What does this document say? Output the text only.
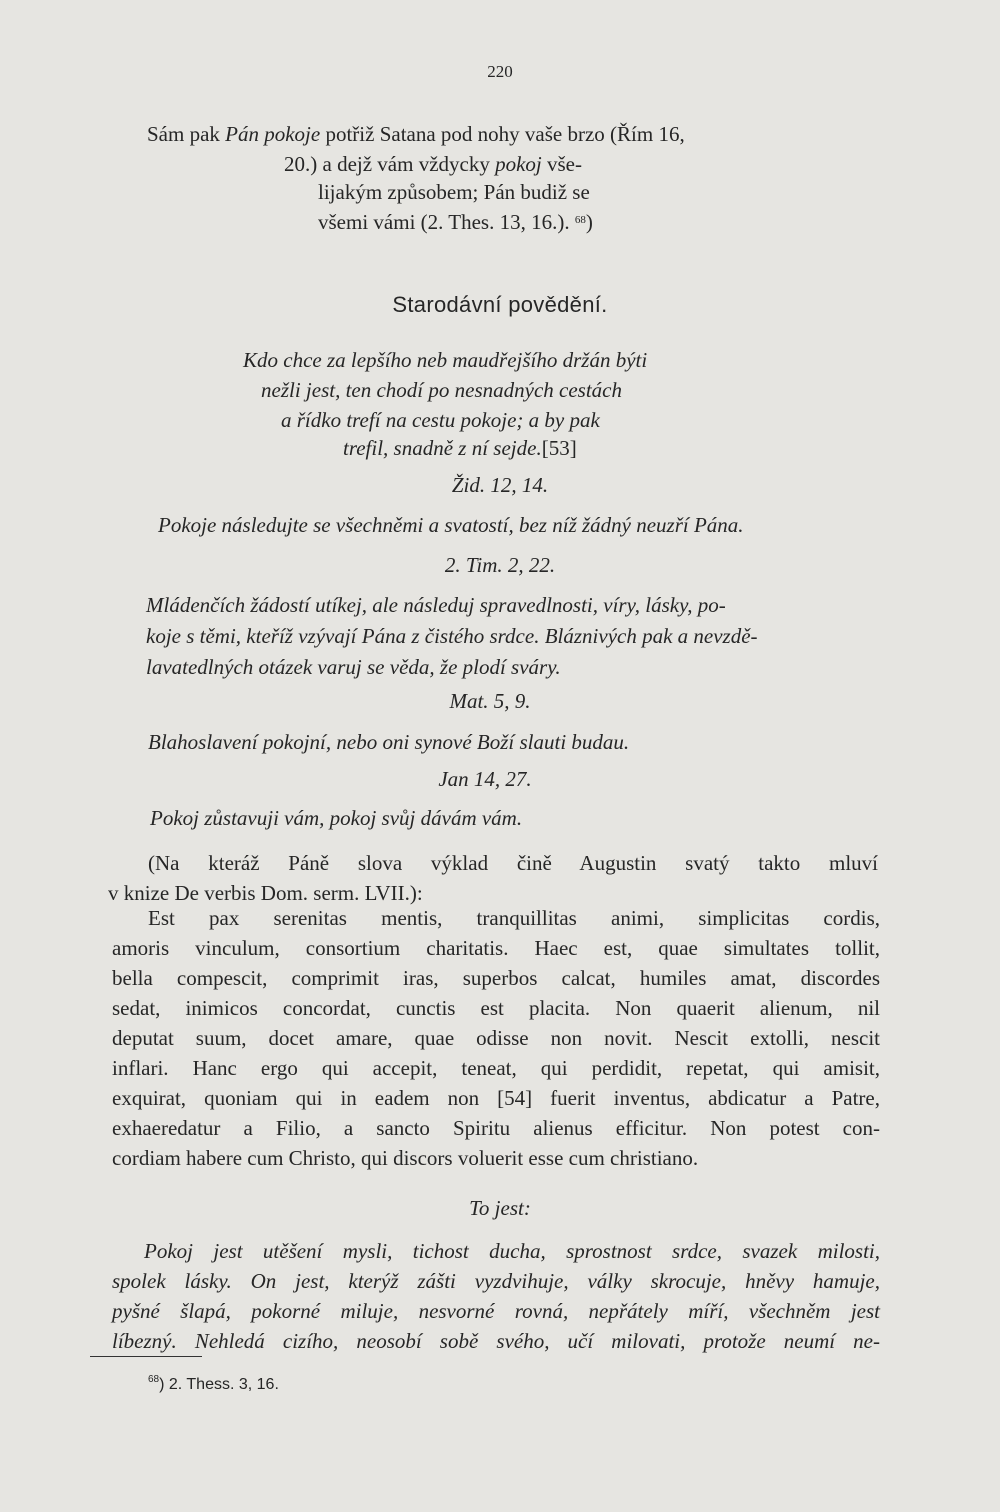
220
Sám pak Pán pokoje potřiž Satana pod nohy vaše brzo (Řím 16,
20.) a dejž vám vždycky pokoj vše-
lijakým způsobem; Pán budiž se
všemi vámi (2. Thes. 13, 16.). $^{68}$)
Starodávní povědění.
Kdo chce za lepšího neb maudřejšího držán býti
nežli jest, ten chodí po nesnadných cestách
a řídko trefí na cestu pokoje; a by pak
trefil, snadně z ní sejde.[53]
Žid. 12, 14.
Pokoje následujte se všechněmi a svatostí, bez níž žádný neuzří Pána.
2. Tim. 2, 22.
Mládenčích žádostí utíkej, ale následuj spravedlnosti, víry, lásky, po-
koje s těmi, kteříž vzývají Pána z čistého srdce. Bláznivých pak a nevzdě-
lavatedlných otázek varuj se věda, že plodí sváry.
Mat. 5, 9.
Blahoslavení pokojní, nebo oni synové Boží slauti budau.
Jan 14, 27.
Pokoj zůstavuji vám, pokoj svůj dávám vám.
(Na kteráž Páně slova výklad čině Augustin svatý takto mluví
v knize De verbis Dom. serm. LVII.):
Est pax serenitas mentis, tranquillitas animi, simplicitas cordis,
amoris vinculum, consortium charitatis. Haec est, quae simultates tollit,
bella compescit, comprimit iras, superbos calcat, humiles amat, discordes
sedat, inimicos concordat, cunctis est placita. Non quaerit alienum, nil
deputat suum, docet amare, quae odisse non novit. Nescit extolli, nescit
inflari. Hanc ergo qui accepit, teneat, qui perdidit, repetat, qui amisit,
exquirat, quoniam qui in eadem non [54] fuerit inventus, abdicatur a Patre,
exhaeredatur a Filio, a sancto Spiritu alienus efficitur. Non potest con-
cordiam habere cum Christo, qui discors voluerit esse cum christiano.
To jest:
Pokoj jest utěšení mysli, tichost ducha, sprostnost srdce, svazek milosti,
spolek lásky. On jest, kterýž zášti vyzdvihuje, války skrocuje, hněvy hamuje,
pyšné šlapá, pokorné miluje, nesvorné rovná, nepřátely míří, všechněm jest
líbezný. Nehledá cizího, neosobí sobě svého, učí milovati, protože neumí ne-
$^{68}$) 2. Thess. 3, 16.
